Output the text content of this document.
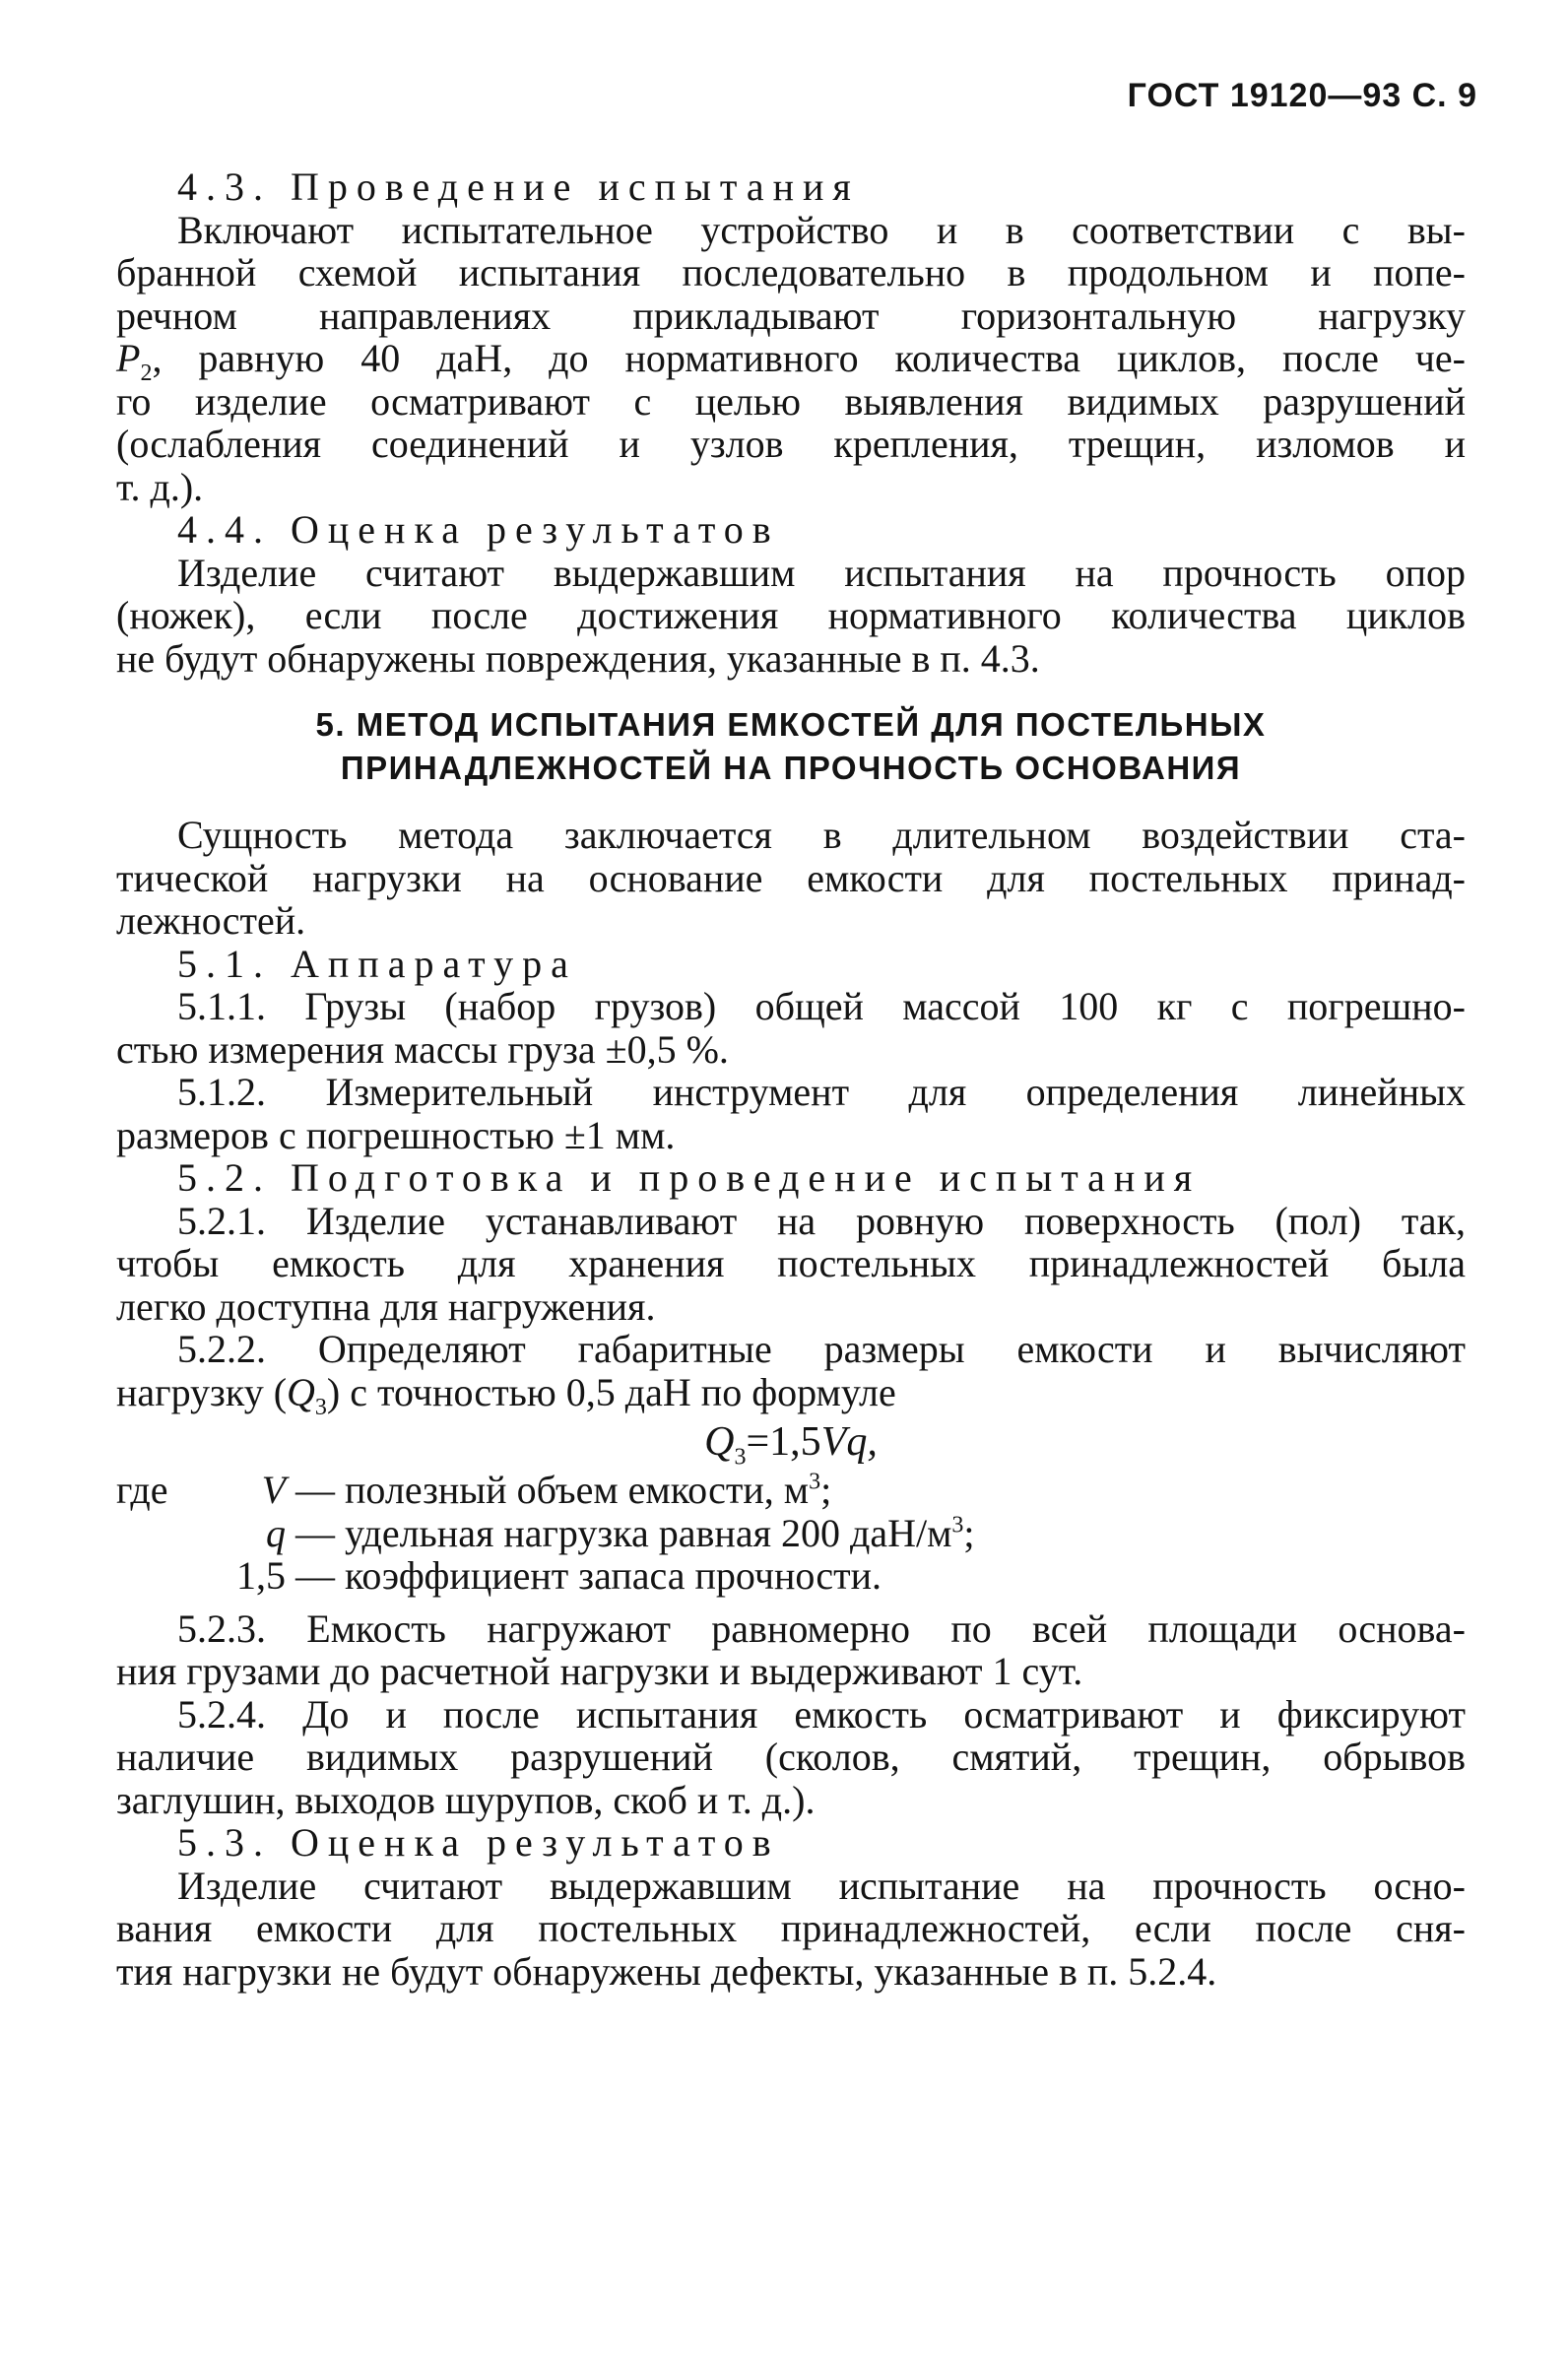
ГОСТ 19120—93 С. 9

4.3. Проведение испытания

Включают испытательное устройство и в соответствии с вы-

бранной схемой испытания последовательно в продольном и попе-

речном направлениях прикладывают горизонтальную нагрузку

$P_2$, равную 40 даН, до нормативного количества циклов, после че-

го изделие осматривают с целью выявления видимых разрушений

(ослабления соединений и узлов крепления, трещин, изломов и

т. д.).

4.4. Оценка результатов

Изделие считают выдержавшим испытания на прочность опор

(ножек), если после достижения нормативного количества циклов

не будут обнаружены повреждения, указанные в п. 4.3.

5. МЕТОД ИСПЫТАНИЯ ЕМКОСТЕЙ ДЛЯ ПОСТЕЛЬНЫХ
ПРИНАДЛЕЖНОСТЕЙ НА ПРОЧНОСТЬ ОСНОВАНИЯ

Сущность метода заключается в длительном воздействии ста-

тической нагрузки на основание емкости для постельных принад-

лежностей.

5.1. Аппаратура

5.1.1. Грузы (набор грузов) общей массой 100 кг с погрешно-

стью измерения массы груза ±0,5 %.

5.1.2. Измерительный инструмент для определения линейных

размеров с погрешностью ±1 мм.

5.2. Подготовка и проведение испытания

5.2.1. Изделие устанавливают на ровную поверхность (пол) так,

чтобы емкость для хранения постельных принадлежностей была

легко доступна для нагружения.

5.2.2. Определяют габаритные размеры емкости и вычисляют

нагрузку $(Q_3)$ с точностью 0,5 даН по формуле

$Q_3=1,5Vq$,
где V — полезный объем емкости, $м^3$;
q — удельная нагрузка равная 200 даН/$м^3$;
1,5 — коэффициент запаса прочности.

5.2.3. Емкость нагружают равномерно по всей площади основа-

ния грузами до расчетной нагрузки и выдерживают 1 сут.

5.2.4. До и после испытания емкость осматривают и фиксируют

наличие видимых разрушений (сколов, смятий, трещин, обрывов

заглушин, выходов шурупов, скоб и т. д.).

5.3. Оценка результатов

Изделие считают выдержавшим испытание на прочность осно-

вания емкости для постельных принадлежностей, если после сня-

тия нагрузки не будут обнаружены дефекты, указанные в п. 5.2.4.
